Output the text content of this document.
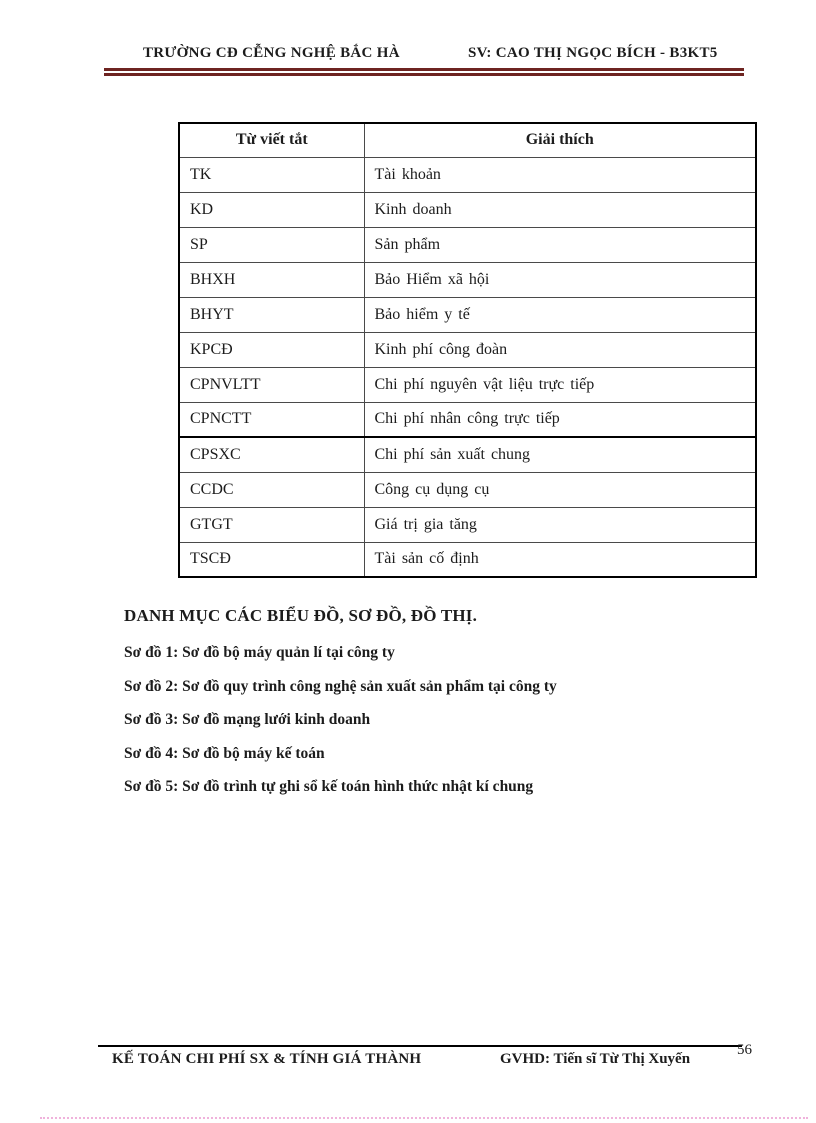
TRƯỜNG CĐ CỄNG NGHỆ BẮC HÀ	SV: CAO THỊ NGỌC BÍCH - B3KT5
Từ viết tắt	Giải thích
TK	Tài khoản
KD	Kinh doanh
SP	Sản phẩm
BHXH	Bảo Hiểm xã hội
BHYT	Bảo hiểm y tế
KPCĐ	Kinh phí công đoàn
CPNVLTT	Chi phí nguyên vật liệu trực tiếp
CPNCTT	Chi phí nhân công trực tiếp
CPSXC	Chi phí sản xuất chung
CCDC	Công cụ dụng cụ
GTGT	Giá trị gia tăng
TSCĐ	Tài sản cố định
DANH MỤC CÁC BIỂU ĐỒ, SƠ ĐỒ, ĐỒ THỊ.
Sơ đồ 1: Sơ đồ bộ máy quản lí tại công ty
Sơ đồ 2: Sơ đồ quy trình công nghệ sản xuất sản phẩm tại công ty
Sơ đồ 3: Sơ đồ mạng lưới kinh doanh
Sơ đồ 4: Sơ đồ bộ máy kế toán
Sơ đồ 5: Sơ đồ trình tự ghi sổ kế toán hình thức nhật kí chung
KẾ TOÁN CHI PHÍ SX & TÍNH GIÁ THÀNH	GVHD: Tiến sĩ Từ Thị Xuyến
56
